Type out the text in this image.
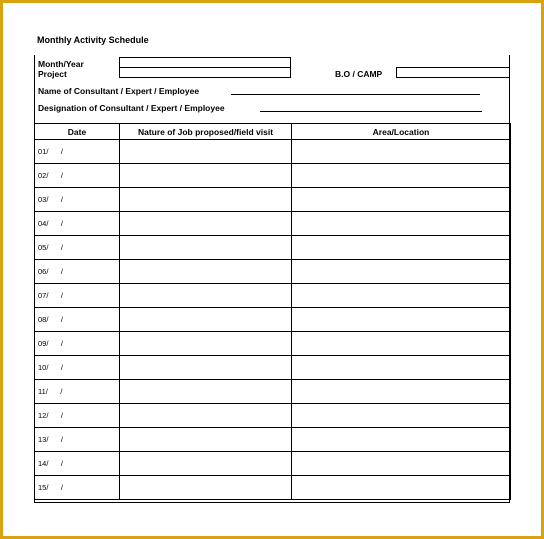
Monthly Activity Schedule
Month/Year
Project	B.O / CAMP
Name of Consultant / Expert / Employee
Designation of Consultant / Expert / Employee
Date	Nature of Job proposed/field visit	Area/Location
01/      /		
02/      /		
03/      /		
04/      /		
05/      /		
06/      /		
07/      /		
08/      /		
09/      /		
10/      /		
11/      /		
12/      /		
13/      /		
14/      /		
15/      /		
